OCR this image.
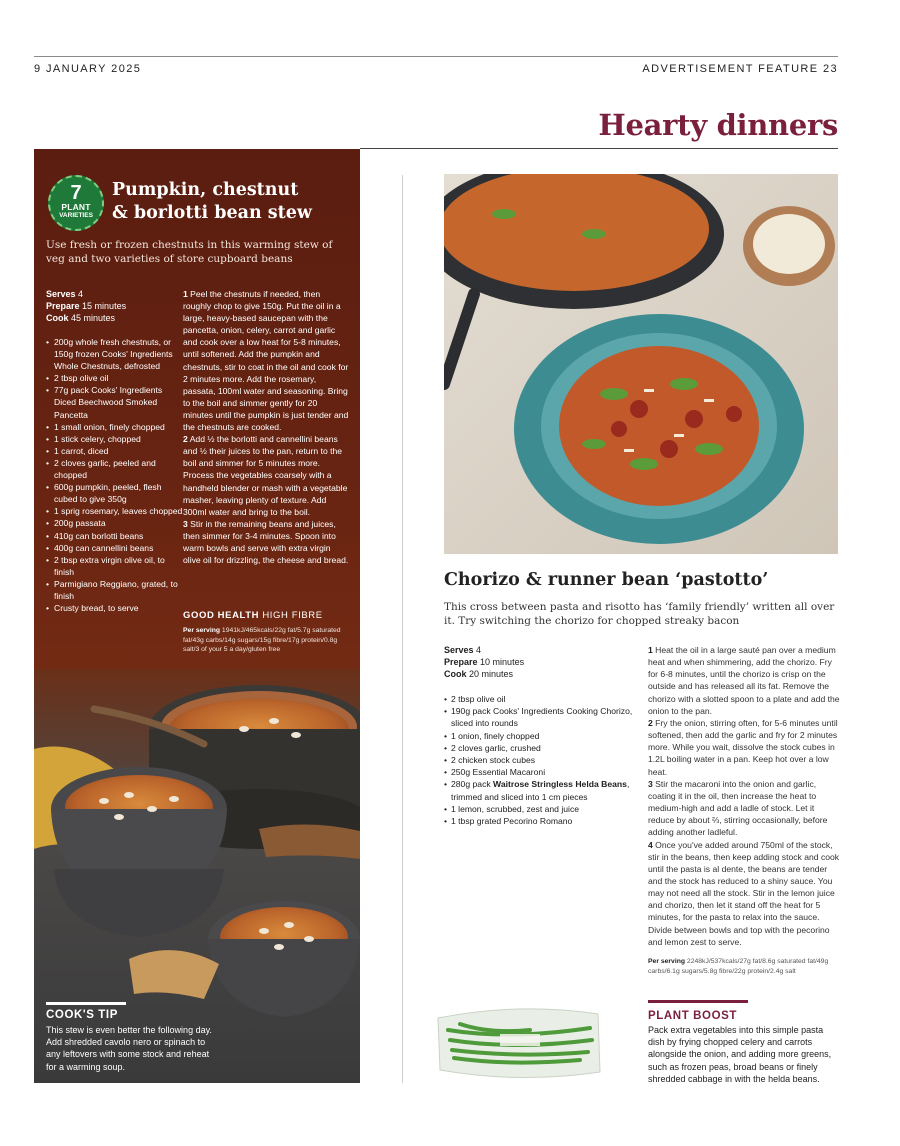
9 JANUARY 2025	ADVERTISEMENT FEATURE 23
Hearty dinners
7
PLANT
VARIETIES
Pumpkin, chestnut
& borlotti bean stew
Use fresh or frozen chestnuts in this warming stew of veg and two varieties of store cupboard beans
Serves 4
Prepare 15 minutes
Cook 45 minutes
• 200g whole fresh chestnuts, or 150g frozen Cooks' Ingredients Whole Chestnuts, defrosted
• 2 tbsp olive oil
• 77g pack Cooks' Ingredients Diced Beechwood Smoked Pancetta
• 1 small onion, finely chopped
• 1 stick celery, chopped
• 1 carrot, diced
• 2 cloves garlic, peeled and chopped
• 600g pumpkin, peeled, flesh cubed to give 350g
• 1 sprig rosemary, leaves chopped
• 200g passata
• 410g can borlotti beans
• 400g can cannellini beans
• 2 tbsp extra virgin olive oil, to finish
• Parmigiano Reggiano, grated, to finish
• Crusty bread, to serve

1 Peel the chestnuts if needed, then roughly chop to give 150g. Put the oil in a large, heavy-based saucepan with the pancetta, onion, celery, carrot and garlic and cook over a low heat for 5-8 minutes, until softened. Add the pumpkin and chestnuts, stir to coat in the oil and cook for 2 minutes more. Add the rosemary, passata, 100ml water and seasoning. Bring to the boil and simmer gently for 20 minutes until the pumpkin is just tender and the chestnuts are cooked.

2 Add ½ the borlotti and cannellini beans and ½ their juices to the pan, return to the boil and simmer for 5 minutes more. Process the vegetables coarsely with a handheld blender or mash with a vegetable masher, leaving plenty of texture. Add 300ml water and bring to the boil.

3 Stir in the remaining beans and juices, then simmer for 3-4 minutes. Spoon into warm bowls and serve with extra virgin olive oil for drizzling, the cheese and bread.

GOOD HEALTH HIGH FIBRE
Per serving 1941kJ/465kcals/22g fat/5.7g saturated fat/43g carbs/14g sugars/15g fibre/17g protein/0.8g salt/3 of your 5 a day/gluten free
COOK'S TIP
This stew is even better the following day. Add shredded cavolo nero or spinach to any leftovers with some stock and reheat for a warming soup.
Chorizo & runner bean ‘pastotto’
This cross between pasta and risotto has ‘family friendly’ written all over it. Try switching the chorizo for chopped streaky bacon
Serves 4
Prepare 10 minutes
Cook 20 minutes
• 2 tbsp olive oil
• 190g pack Cooks' Ingredients Cooking Chorizo, sliced into rounds
• 1 onion, finely chopped
• 2 cloves garlic, crushed
• 2 chicken stock cubes
• 250g Essential Macaroni
• 280g pack Waitrose Stringless Helda Beans, trimmed and sliced into 1 cm pieces
• 1 lemon, scrubbed, zest and juice
• 1 tbsp grated Pecorino Romano

1 Heat the oil in a large sauté pan over a medium heat and when shimmering, add the chorizo. Fry for 6-8 minutes, until the chorizo is crisp on the outside and has released all its fat. Remove the chorizo with a slotted spoon to a plate and add the onion to the pan.

2 Fry the onion, stirring often, for 5-6 minutes until softened, then add the garlic and fry for 2 minutes more. While you wait, dissolve the stock cubes in 1.2L boiling water in a pan. Keep hot over a low heat.

3 Stir the macaroni into the onion and garlic, coating it in the oil, then increase the heat to medium-high and add a ladle of stock. Let it reduce by about ⅔, stirring occasionally, before adding another ladleful.

4 Once you've added around 750ml of the stock, stir in the beans, then keep adding stock and cook until the pasta is al dente, the beans are tender and the stock has reduced to a shiny sauce. You may not need all the stock. Stir in the lemon juice and chorizo, then let it stand off the heat for 5 minutes, for the pasta to relax into the sauce. Divide between bowls and top with the pecorino and lemon zest to serve.

Per serving 2248kJ/537kcals/27g fat/8.6g saturated fat/49g carbs/6.1g sugars/5.8g fibre/22g protein/2.4g salt
PLANT BOOST
Pack extra vegetables into this simple pasta dish by frying chopped celery and carrots alongside the onion, and adding more greens, such as frozen peas, broad beans or finely shredded cabbage in with the helda beans.
